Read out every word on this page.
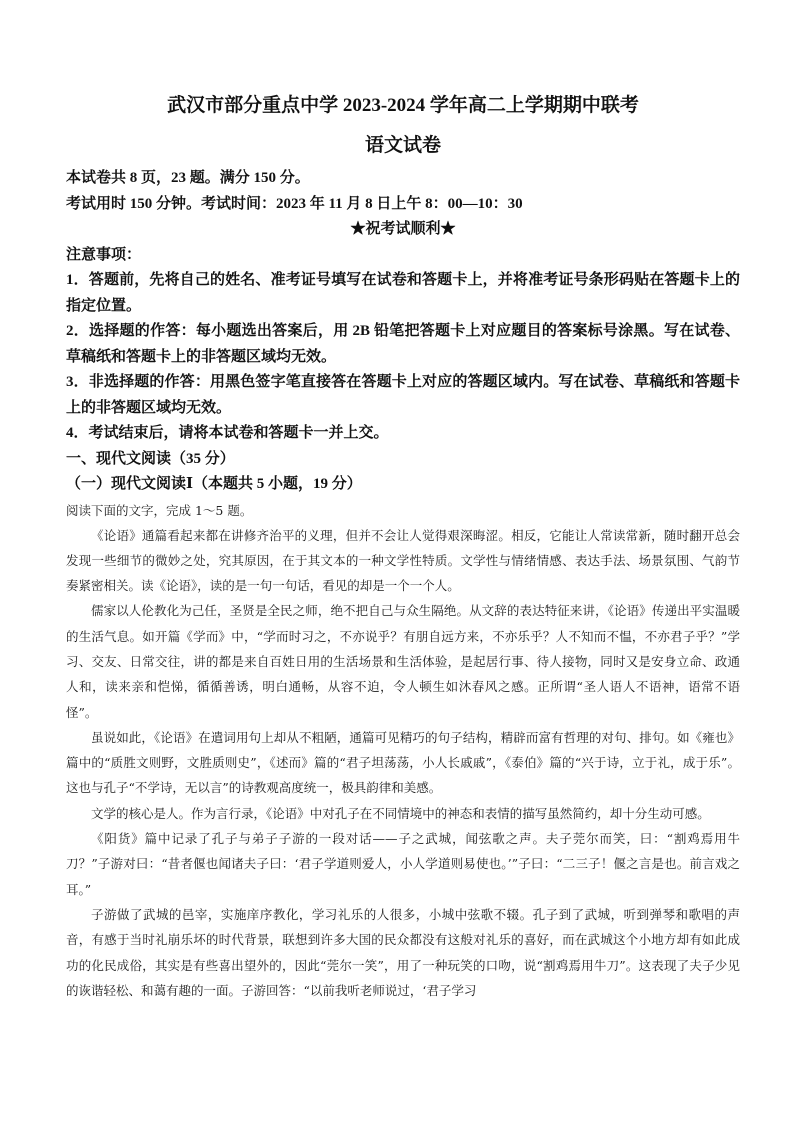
武汉市部分重点中学 2023-2024 学年高二上学期期中联考
语文试卷

本试卷共 8 页，23 题。满分 150 分。

考试用时 150 分钟。考试时间：2023 年 11 月 8 日上午 8：00—10：30

★祝考试顺利★

注意事项：

1．答题前，先将自己的姓名、准考证号填写在试卷和答题卡上，并将准考证号条形码贴在答题卡上的指定位置。

2．选择题的作答：每小题选出答案后，用 2B 铅笔把答题卡上对应题目的答案标号涂黑。写在试卷、草稿纸和答题卡上的非答题区域均无效。

3．非选择题的作答：用黑色签字笔直接答在答题卡上对应的答题区域内。写在试卷、草稿纸和答题卡上的非答题区域均无效。

4．考试结束后，请将本试卷和答题卡一并上交。

一、现代文阅读（35 分）

（一）现代文阅读Ⅰ（本题共 5 小题，19 分）

阅读下面的文字，完成 1～5 题。

《论语》通篇看起来都在讲修齐治平的义理，但并不会让人觉得艰深晦涩。相反，它能让人常读常新，随时翻开总会发现一些细节的微妙之处，究其原因，在于其文本的一种文学性特质。文学性与情绪情感、表达手法、场景氛围、气韵节奏紧密相关。读《论语》，读的是一句一句话，看见的却是一个一个人。

儒家以人伦教化为己任，圣贤是全民之师，绝不把自己与众生隔绝。从文辞的表达特征来讲，《论语》传递出平实温暖的生活气息。如开篇《学而》中，“学而时习之，不亦说乎？有朋自远方来，不亦乐乎？人不知而不愠，不亦君子乎？”学习、交友、日常交往，讲的都是来自百姓日用的生活场景和生活体验，是起居行事、待人接物，同时又是安身立命、政通人和，读来亲和恺悌，循循善诱，明白通畅，从容不迫，令人顿生如沐春风之感。正所谓“圣人语人不语神，语常不语怪”。

虽说如此，《论语》在遣词用句上却从不粗陋，通篇可见精巧的句子结构，精辟而富有哲理的对句、排句。如《雍也》篇中的“质胜文则野，文胜质则史”，《述而》篇的“君子坦荡荡，小人长戚戚”，《泰伯》篇的“兴于诗，立于礼，成于乐”。这也与孔子“不学诗，无以言”的诗教观高度统一，极具韵律和美感。

文学的核心是人。作为言行录，《论语》中对孔子在不同情境中的神态和表情的描写虽然简约，却十分生动可感。

《阳货》篇中记录了孔子与弟子子游的一段对话——子之武城，闻弦歌之声。夫子莞尔而笑，曰：“割鸡焉用牛刀？”子游对曰：“昔者偃也闻诸夫子曰：‘君子学道则爱人，小人学道则易使也。’”子曰：“二三子！偃之言是也。前言戏之耳。”

子游做了武城的邑宰，实施庠序教化，学习礼乐的人很多，小城中弦歌不辍。孔子到了武城，听到弹琴和歌唱的声音，有感于当时礼崩乐坏的时代背景，联想到许多大国的民众都没有这般对礼乐的喜好，而在武城这个小地方却有如此成功的化民成俗，其实是有些喜出望外的，因此“莞尔一笑”，用了一种玩笑的口吻，说“割鸡焉用牛刀”。这表现了夫子少见的诙谐轻松、和蔼有趣的一面。子游回答：“以前我听老师说过，‘君子学习
